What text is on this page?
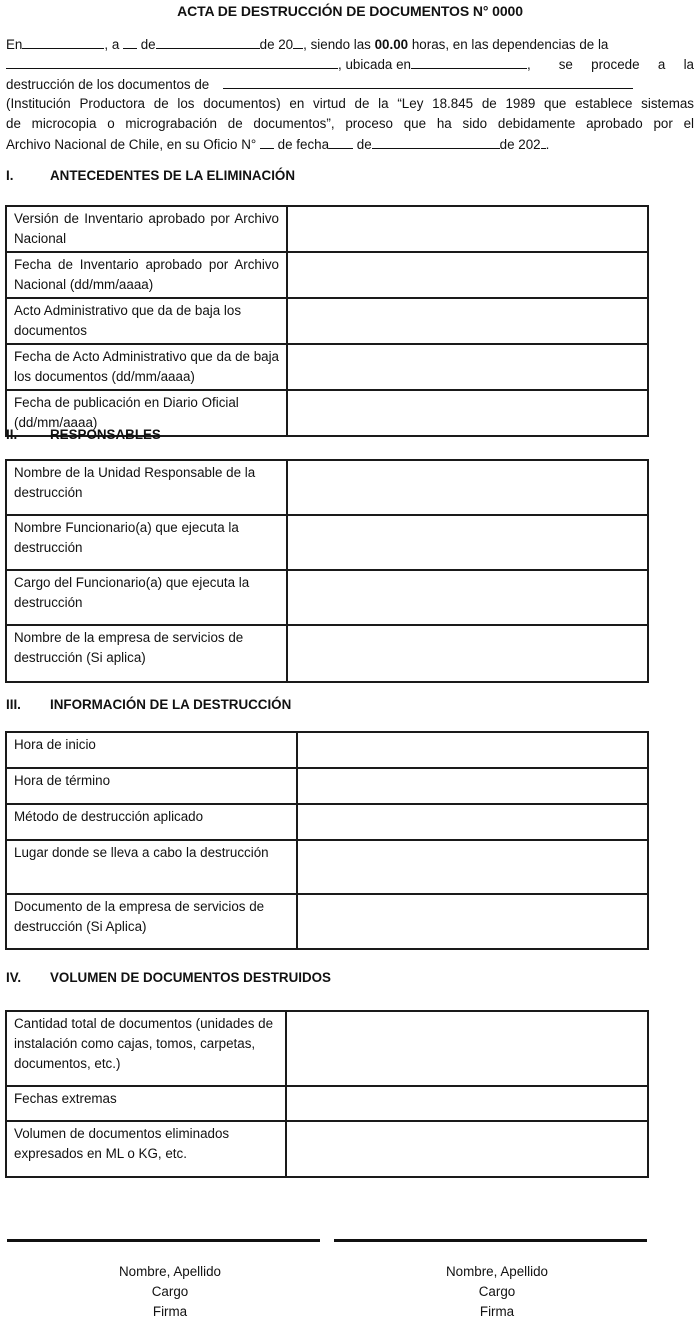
ACTA DE DESTRUCCIÓN DE DOCUMENTOS N° 0000
En	, a  de	de 20 , siendo las 00.00 horas, en las dependencias de la
, ubicada en	, se procede a la
destrucción de los documentos de
(Institución Productora de los documentos) en virtud de la “Ley 18.845 de 1989 que establece sistemas
de microcopia o micrograbación de documentos”, proceso que ha sido debidamente aprobado por el
Archivo Nacional de Chile, en su Oficio N°  de fecha de	de 202 .
I.	ANTECEDENTES DE LA ELIMINACIÓN
Versión de Inventario aprobado por Archivo Nacional	
Fecha de Inventario aprobado por Archivo Nacional (dd/mm/aaaa)	
Acto Administrativo que da de baja los documentos	
Fecha de Acto Administrativo que da de baja los documentos (dd/mm/aaaa)	
Fecha de publicación en Diario Oficial (dd/mm/aaaa)	
II. RESPONSABLES
Nombre de la Unidad Responsable de la destrucción	
Nombre Funcionario(a) que ejecuta la destrucción	
Cargo del Funcionario(a) que ejecuta la destrucción	
Nombre de la empresa de servicios de destrucción (Si aplica)	
III. INFORMACIÓN DE LA DESTRUCCIÓN
Hora de inicio	
Hora de término	
Método de destrucción aplicado	
Lugar donde se lleva a cabo la destrucción	
Documento de la empresa de servicios de destrucción (Si Aplica)	
IV. VOLUMEN DE DOCUMENTOS DESTRUIDOS
Cantidad total de documentos (unidades de instalación como cajas, tomos, carpetas, documentos, etc.)	
Fechas extremas	
Volumen de documentos eliminados expresados en ML o KG, etc.	
Nombre, Apellido
Cargo
Firma
Nombre, Apellido
Cargo
Firma
